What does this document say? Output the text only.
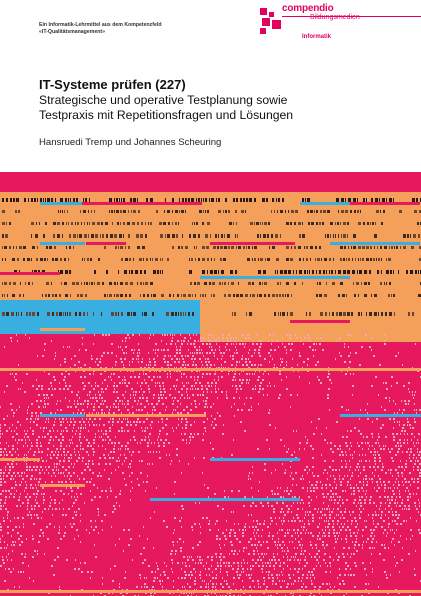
Ein Informatik-Lehrmittel aus dem Kompetenzfeld
«IT-Qualitätsmanagement»
compendio
Bildungsmedien
Informatik
IT-Systeme prüfen (227)
Strategische und operative Testplanung sowie
Testpraxis mit Repetitionsfragen und Lösungen
Hansruedi Tremp und Johannes Scheuring
